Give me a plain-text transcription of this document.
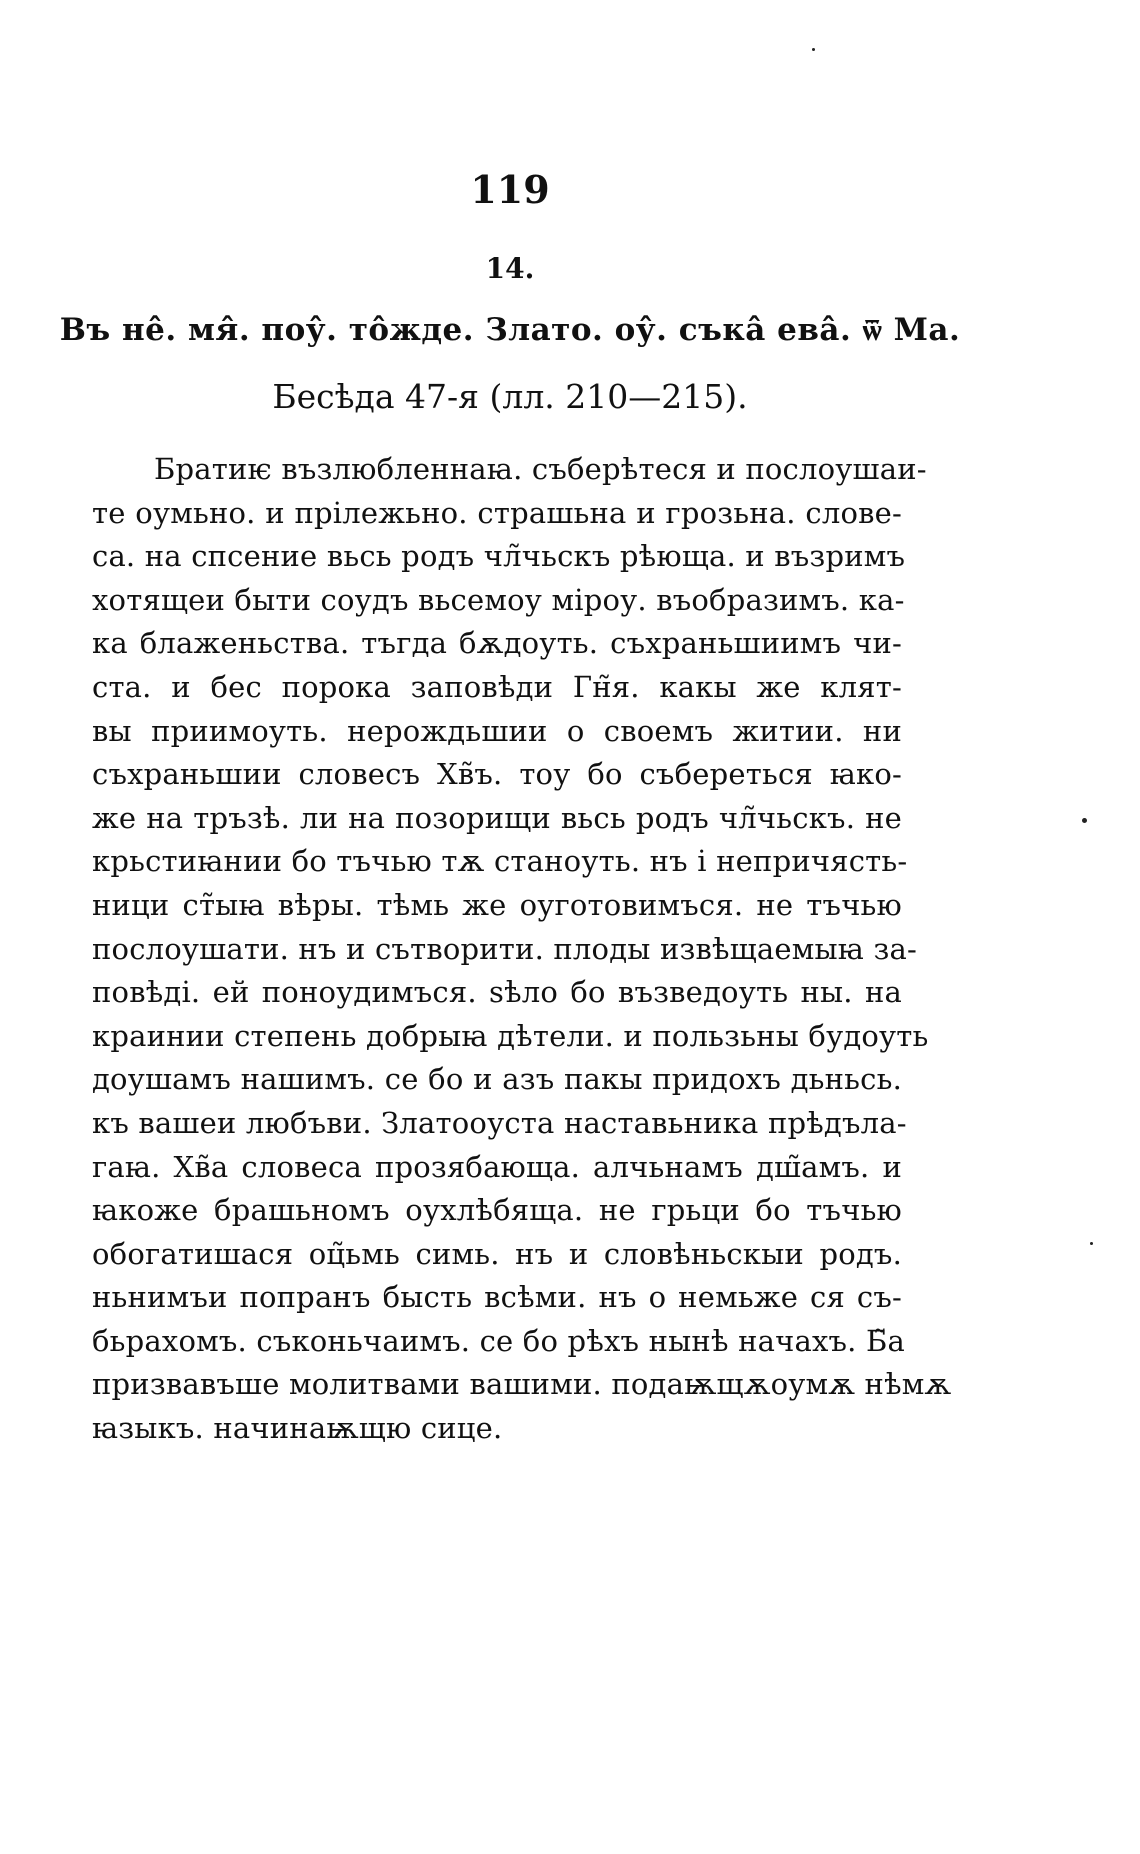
119
14.
Въ не̂. мя̂. поу̂. то̂жде. Злато. оу̂. съка̂ ева̂. ѿ Ма.
Бесѣда 47-я (лл. 210—215).
Братиѥ възлюбленнаꙗ. съберѣтеся и послоушаи-
те оумьно. и прілежьно. страшьна и грозьна. слове-
са. на спсение вьсь родъ чл̃чьскъ рѣюща. и възримъ
хотящеи быти соудъ вьсемоу міроу. въобразимъ. ка-
ка блаженьства. тъгда бѫдоуть. съхраньшиимъ чи-
ста. и бес порока заповѣди Гн̃я. какы же клят-
вы приимоуть. нерождьшии о своемъ житии. ни
съхраньшии словесъ Хв̃ъ. тоу бо събереться ꙗко-
же на тръзѣ. ли на позорищи вьсь родъ чл̃чьскъ. не
крьстиꙗнии бо тъчью тѫ станоуть. нъ і непричясть-
ници ст̃ыꙗ вѣры. тѣмь же оуготовимъся. не тъчью
послоушати. нъ и сътворити. плоды извѣщаемыꙗ за-
повѣді. ей поноудимъся. ѕѣло бо възведоуть ны. на
краинии степень добрыꙗ дѣтели. и пользьны будоуть
доушамъ нашимъ. се бо и азъ пакы придохъ дьньсь.
къ вашеи любъви. Златооуста наставьника прѣдъла-
гаꙗ. Хв̃а словеса прозябающа. алчьнамъ дш̃амъ. и
ꙗкоже брашьномъ оухлѣбяща. не грьци бо тъчью
обогатишася оц̃ьмь симь. нъ и словѣньскыи родъ.
ньнимъи попранъ бысть всѣми. нъ о немьже ся съ-
бьрахомъ. съконьчаимъ. се бо рѣхъ нынѣ начахъ. Б̃а
призвавъше молитвами вашими. подаѭщѫоумѫ нѣмѫ
ꙗзыкъ. начинаѭщю сице.
